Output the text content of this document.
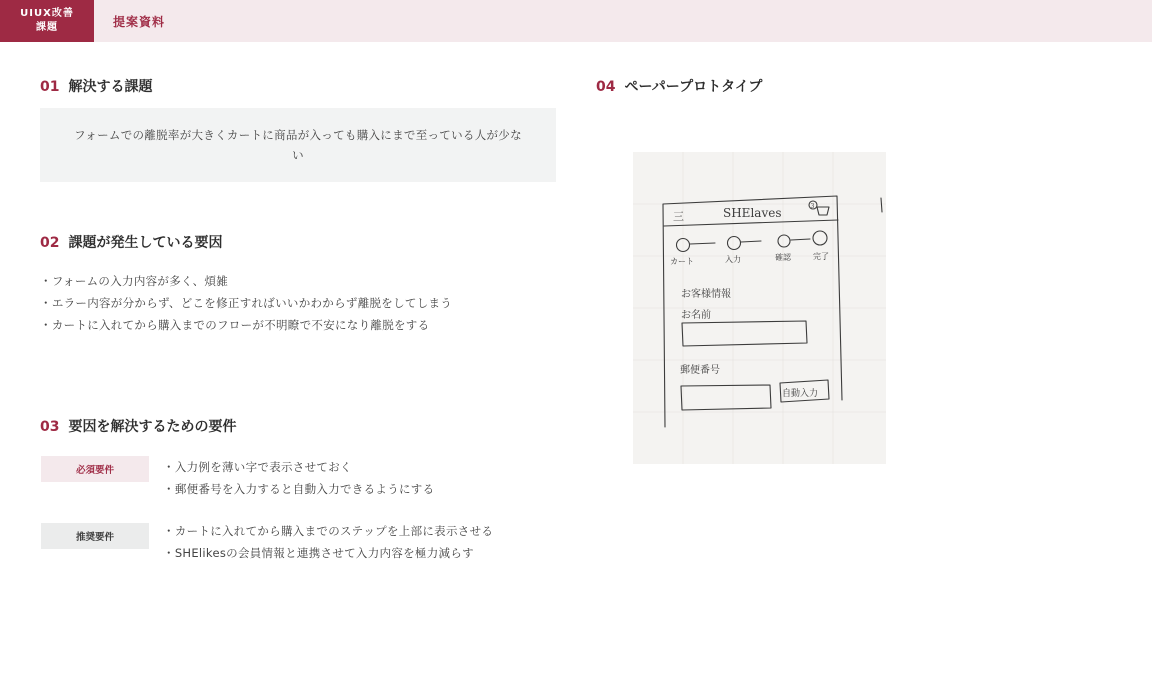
UIUX改善
課題	提案資料
01 解決する課題

フォームでの離脱率が大きくカートに商品が入っても購入にまで至っている人が少ない

02 課題が発生している要因
・ フォームの入力内容が多く、煩雑
・ エラー内容が分からず、どこを修正すればいいかわからず離脱をしてしまう
・ カートに入れてから購入までのフローが不明瞭で不安になり離脱をする
03 要因を解決するための要件
必須要件	・ 入力例を薄い字で表示させておく
・ 郵便番号を入力すると自動入力できるようにする
推奨要件	・ カートに入れてから購入までのステップを上部に表示させる
・ SHElikesの会員情報と連携させて入力内容を極力減らす
04 ペーパープロトタイプ
三	SHElaves	3
カート	入力	確認	完了
お客様情報
お名前
郵便番号
自動入力
